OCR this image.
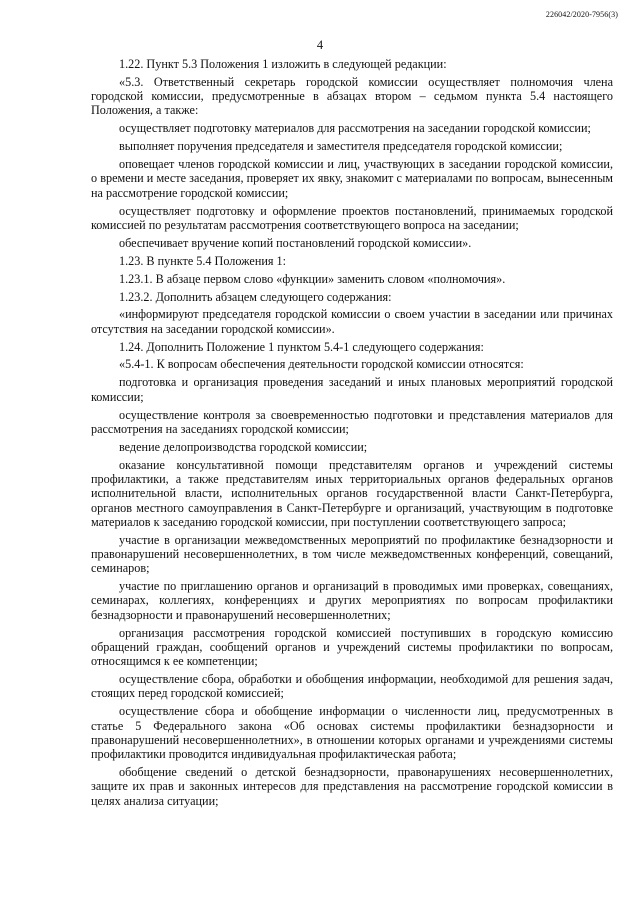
226042/2020-7956(3)
4

1.22. Пункт 5.3 Положения 1 изложить в следующей редакции:

«5.3. Ответственный секретарь городской комиссии осуществляет полномочия члена городской комиссии, предусмотренные в абзацах втором – седьмом пункта 5.4 настоящего Положения, а также:

осуществляет подготовку материалов для рассмотрения на заседании городской комиссии;

выполняет поручения председателя и заместителя председателя городской комиссии;

оповещает членов городской комиссии и лиц, участвующих в заседании городской комиссии, о времени и месте заседания, проверяет их явку, знакомит с материалами по вопросам, вынесенным на рассмотрение городской комиссии;

осуществляет подготовку и оформление проектов постановлений, принимаемых городской комиссией по результатам рассмотрения соответствующего вопроса на заседании;

обеспечивает вручение копий постановлений городской комиссии».

1.23. В пункте 5.4 Положения 1:

1.23.1. В абзаце первом слово «функции» заменить словом «полномочия».

1.23.2. Дополнить абзацем следующего содержания:

«информируют председателя городской комиссии о своем участии в заседании или причинах отсутствия на заседании городской комиссии».

1.24. Дополнить Положение 1 пунктом 5.4-1 следующего содержания:

«5.4-1. К вопросам обеспечения деятельности городской комиссии относятся:

подготовка и организация проведения заседаний и иных плановых мероприятий городской комиссии;

осуществление контроля за своевременностью подготовки и представления материалов для рассмотрения на заседаниях городской комиссии;

ведение делопроизводства городской комиссии;

оказание консультативной помощи представителям органов и учреждений системы профилактики, а также представителям иных территориальных органов федеральных органов исполнительной власти, исполнительных органов государственной власти Санкт-Петербурга, органов местного самоуправления в Санкт-Петербурге и организаций, участвующим в подготовке материалов к заседанию городской комиссии, при поступлении соответствующего запроса;

участие в организации межведомственных мероприятий по профилактике безнадзорности и правонарушений несовершеннолетних, в том числе межведомственных конференций, совещаний, семинаров;

участие по приглашению органов и организаций в проводимых ими проверках, совещаниях, семинарах, коллегиях, конференциях и других мероприятиях по вопросам профилактики безнадзорности и правонарушений несовершеннолетних;

организация рассмотрения городской комиссией поступивших в городскую комиссию обращений граждан, сообщений органов и учреждений системы профилактики по вопросам, относящимся к ее компетенции;

осуществление сбора, обработки и обобщения информации, необходимой для решения задач, стоящих перед городской комиссией;

осуществление сбора и обобщение информации о численности лиц, предусмотренных в статье 5 Федерального закона «Об основах системы профилактики безнадзорности и правонарушений несовершеннолетних», в отношении которых органами и учреждениями системы профилактики проводится индивидуальная профилактическая работа;

обобщение сведений о детской безнадзорности, правонарушениях несовершеннолетних, защите их прав и законных интересов для представления на рассмотрение городской комиссии в целях анализа ситуации;
